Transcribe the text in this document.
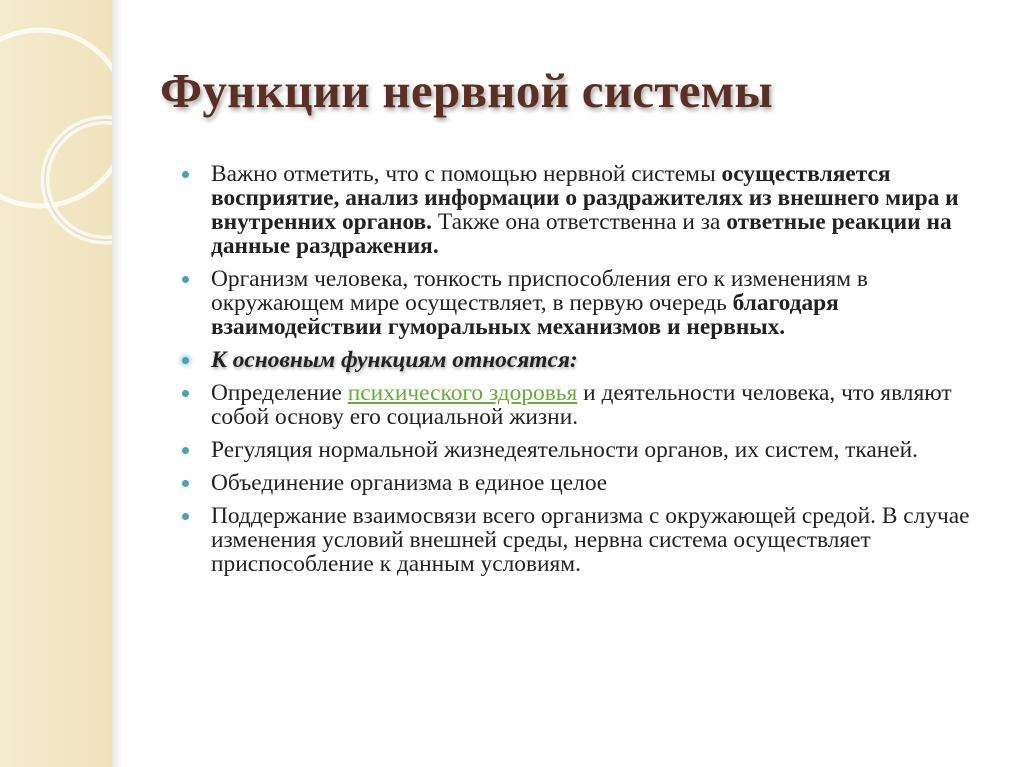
Функции нервной системы
Важно отметить, что с помощью нервной системы осуществляется восприятие, анализ информации о раздражителях из внешнего мира и внутренних органов. Также она ответственна и за ответные реакции на данные раздражения.
Организм человека, тонкость приспособления его к изменениям в окружающем мире осуществляет, в первую очередь благодаря взаимодействии гуморальных механизмов и нервных.
К основным функциям относятся:
Определение психического здоровья и деятельности человека, что являют собой основу его социальной жизни.
Регуляция нормальной жизнедеятельности органов, их систем, тканей.
Объединение организма в единое целое
Поддержание взаимосвязи всего организма с окружающей средой. В случае изменения условий внешней среды, нервна система осуществляет приспособление к данным условиям.
